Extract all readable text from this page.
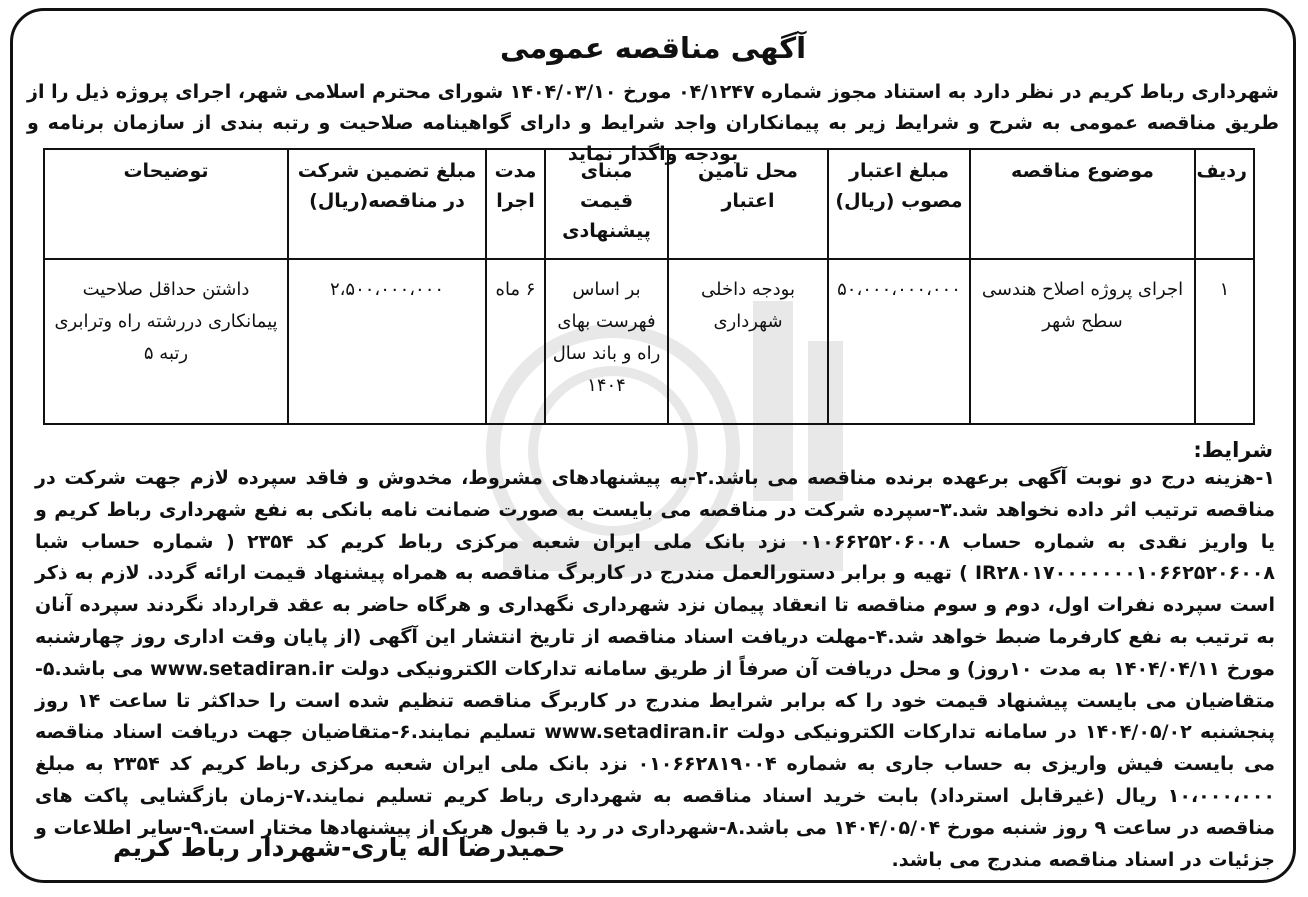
آگهی مناقصه عمومی
شهرداری رباط کریم در نظر دارد به استناد مجوز شماره ۰۴/۱۲۴۷ مورخ ۱۴۰۴/۰۳/۱۰ شورای محترم اسلامی شهر، اجرای پروژه ذیل را از طریق مناقصه عمومی به شرح و شرایط زیر به پیمانکاران واجد شرایط و دارای گواهینامه صلاحیت و رتبه بندی از سازمان برنامه و بودجه واگذار نماید
ردیف	موضوع مناقصه	مبلغ اعتبار مصوب (ریال)	محل تامین اعتبار	مبنای قیمت پیشنهادی	مدت اجرا	مبلغ تضمین شرکت در مناقصه(ریال)	توضیحات
۱	اجرای پروژه اصلاح هندسی سطح شهر	۵۰،۰۰۰،۰۰۰،۰۰۰	بودجه داخلی شهرداری	بر اساس فهرست بهای راه و باند سال ۱۴۰۴	۶ ماه	۲،۵۰۰،۰۰۰،۰۰۰	داشتن حداقل صلاحیت پیمانکاری دررشته راه وترابری رتبه ۵
شرایط:
۱-هزینه درج دو نوبت آگهی برعهده برنده مناقصه می باشد.۲-به پیشنهادهای مشروط، مخدوش و فاقد سپرده لازم جهت شرکت در مناقصه ترتیب اثر داده نخواهد شد.۳-سپرده شرکت در مناقصه می بایست به صورت ضمانت نامه بانکی به نفع شهرداری رباط کریم و یا واریز نقدی به شماره حساب ۰۱۰۶۶۲۵۲۰۶۰۰۸ نزد بانک ملی ایران شعبه مرکزی رباط کریم کد ۲۳۵۴ ( شماره حساب شبا IR۲۸۰۱۷۰۰۰۰۰۰۰۱۰۶۶۲۵۲۰۶۰۰۸ ) تهیه و برابر دستورالعمل مندرج در کاربرگ مناقصه به همراه پیشنهاد قیمت ارائه گردد. لازم به ذکر است سپرده نفرات اول، دوم و سوم مناقصه تا انعقاد پیمان نزد شهرداری نگهداری و هرگاه حاضر به عقد قرارداد نگردند سپرده آنان به ترتیب به نفع کارفرما ضبط خواهد شد.۴-مهلت دریافت اسناد مناقصه از تاریخ انتشار این آگهی (از پایان وقت اداری روز چهارشنبه مورخ ۱۴۰۴/۰۴/۱۱ به مدت ۱۰روز) و محل دریافت آن صرفاً از طریق سامانه تدارکات الکترونیکی دولت www.setadiran.ir می باشد.۵-متقاضیان می بایست پیشنهاد قیمت خود را که برابر شرایط مندرج در کاربرگ مناقصه تنظیم شده است را حداکثر تا ساعت ۱۴ روز پنجشنبه ۱۴۰۴/۰۵/۰۲ در سامانه تدارکات الکترونیکی دولت www.setadiran.ir تسلیم نمایند.۶-متقاضیان جهت دریافت اسناد مناقصه می بایست فیش واریزی به حساب جاری به شماره ۰۱۰۶۶۲۸۱۹۰۰۴ نزد بانک ملی ایران شعبه مرکزی رباط کریم کد ۲۳۵۴ به مبلغ ۱۰،۰۰۰،۰۰۰ ریال (غیرقابل استرداد) بابت خرید اسناد مناقصه به شهرداری رباط کریم تسلیم نمایند.۷-زمان بازگشایی پاکت های مناقصه در ساعت ۹ روز شنبه مورخ ۱۴۰۴/۰۵/۰۴ می باشد.۸-شهرداری در رد یا قبول هریک از پیشنهادها مختار است.۹-سایر اطلاعات و جزئیات در اسناد مناقصه مندرج می باشد.
حمیدرضا اله یاری-شهردار رباط کریم
